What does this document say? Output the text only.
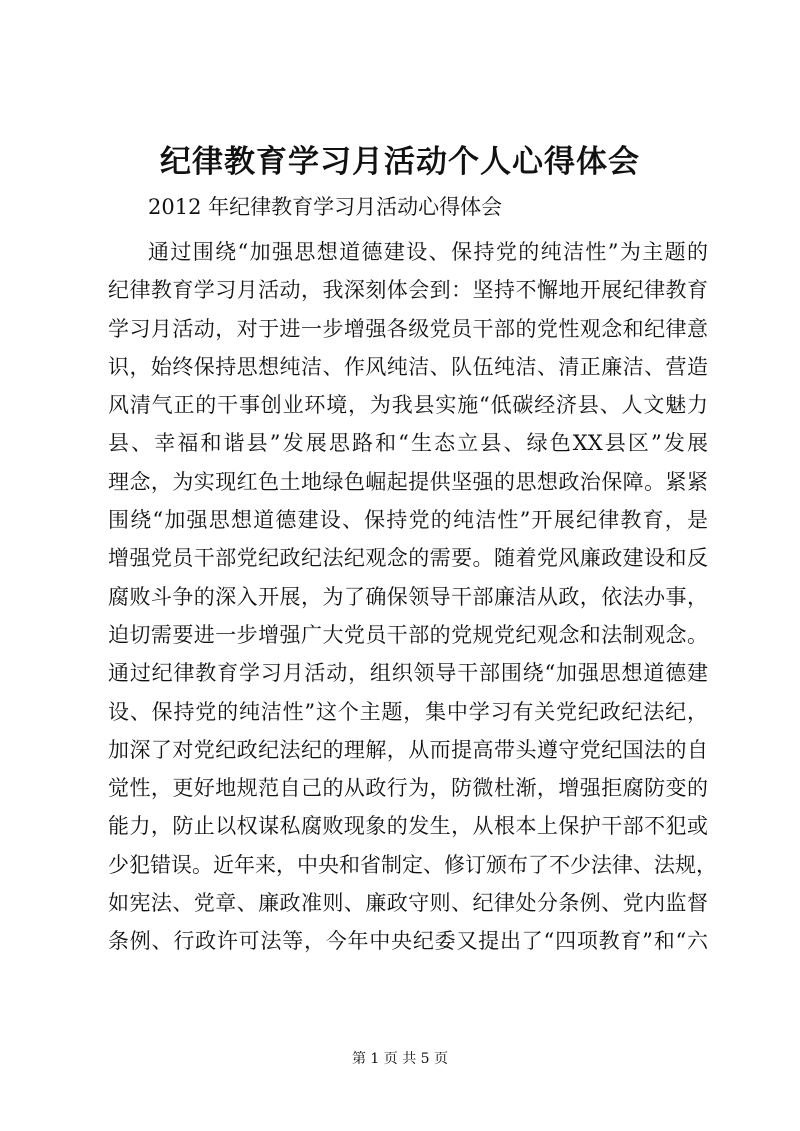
纪律教育学习月活动个人心得体会
2012 年纪律教育学习月活动心得体会
通过围绕“加强思想道德建设、保持党的纯洁性”为主题的
纪律教育学习月活动，我深刻体会到：坚持不懈地开展纪律教育
学习月活动，对于进一步增强各级党员干部的党性观念和纪律意
识，始终保持思想纯洁、作风纯洁、队伍纯洁、清正廉洁、营造
风清气正的干事创业环境，为我县实施“低碳经济县、人文魅力
县、幸福和谐县”发展思路和“生态立县、绿色XX县区”发展
理念，为实现红色土地绿色崛起提供坚强的思想政治保障。紧紧
围绕“加强思想道德建设、保持党的纯洁性”开展纪律教育，是
增强党员干部党纪政纪法纪观念的需要。随着党风廉政建设和反
腐败斗争的深入开展，为了确保领导干部廉洁从政，依法办事，
迫切需要进一步增强广大党员干部的党规党纪观念和法制观念。
通过纪律教育学习月活动，组织领导干部围绕“加强思想道德建
设、保持党的纯洁性”这个主题，集中学习有关党纪政纪法纪，
加深了对党纪政纪法纪的理解，从而提高带头遵守党纪国法的自
觉性，更好地规范自己的从政行为，防微杜渐，增强拒腐防变的
能力，防止以权谋私腐败现象的发生，从根本上保护干部不犯或
少犯错误。近年来，中央和省制定、修订颁布了不少法律、法规，
如宪法、党章、廉政准则、廉政守则、纪律处分条例、党内监督
条例、行政许可法等，今年中央纪委又提出了“四项教育”和“六
第 1 页 共 5 页
